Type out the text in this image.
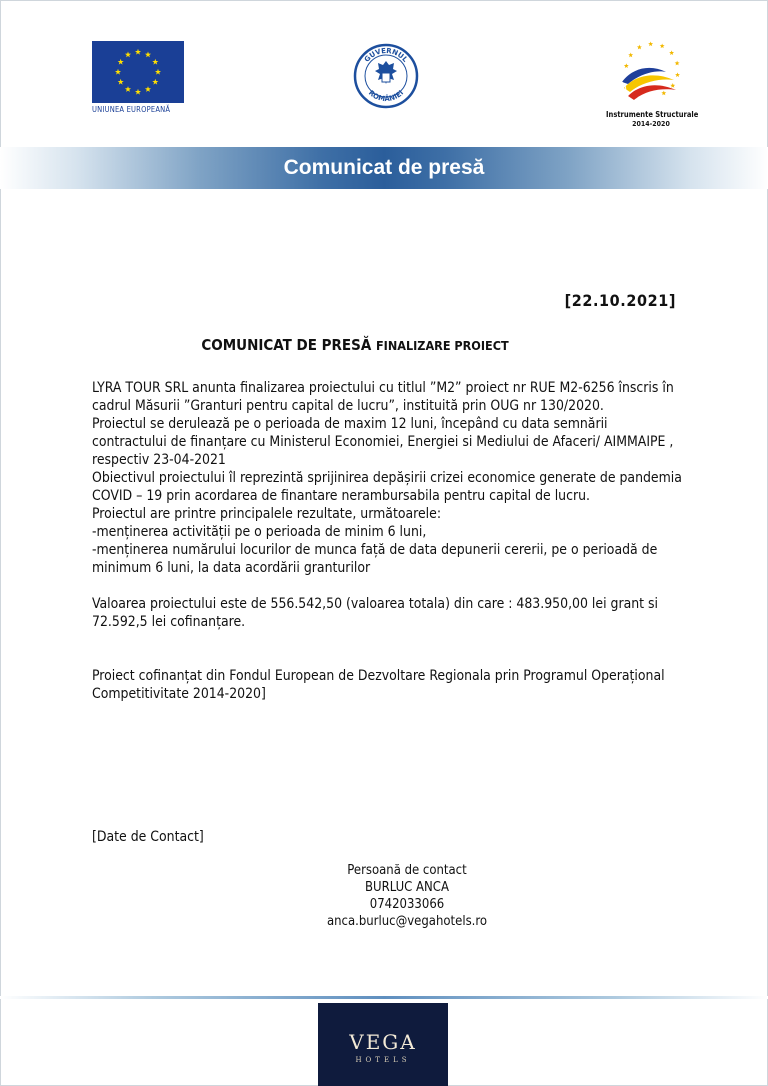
UNIUNEA EUROPEANĂ
GUVERNUL
ROMÂNIEI
Instrumente Structurale
2014-2020
Comunicat de presă
[22.10.2021]
COMUNICAT DE PRESĂ FINALIZARE PROIECT

LYRA TOUR SRL anunta finalizarea proiectului cu titlul ”M2” proiect nr RUE M2-6256 înscris în cadrul Măsurii ”Granturi pentru capital de lucru”, instituită prin OUG nr 130/2020.

Proiectul se derulează pe o perioada de maxim 12 luni, începând cu data semnării contractului de finanțare cu Ministerul Economiei, Energiei si Mediului de Afaceri/ AIMMAIPE , respectiv 23-04-2021

Obiectivul proiectului îl reprezintă sprijinirea depășirii crizei economice generate de pandemia COVID – 19 prin acordarea de finantare nerambursabila pentru capital de lucru.

Proiectul are printre principalele rezultate, următoarele:

-menținerea activității pe o perioada de minim 6 luni,

-menținerea numărului locurilor de munca față de data depunerii cererii, pe o perioadă de minimum 6 luni, la data acordării granturilor

Valoarea proiectului este de 556.542,50 (valoarea totala) din care : 483.950,00 lei grant si 72.592,5 lei cofinanțare.

Proiect cofinanțat din Fondul European de Dezvoltare Regionala prin Programul Operațional Competitivitate 2014-2020]

[Date de Contact]
Persoană de contact
BURLUC ANCA
0742033066
anca.burluc@vegahotels.ro
VEGA
HOTELS
